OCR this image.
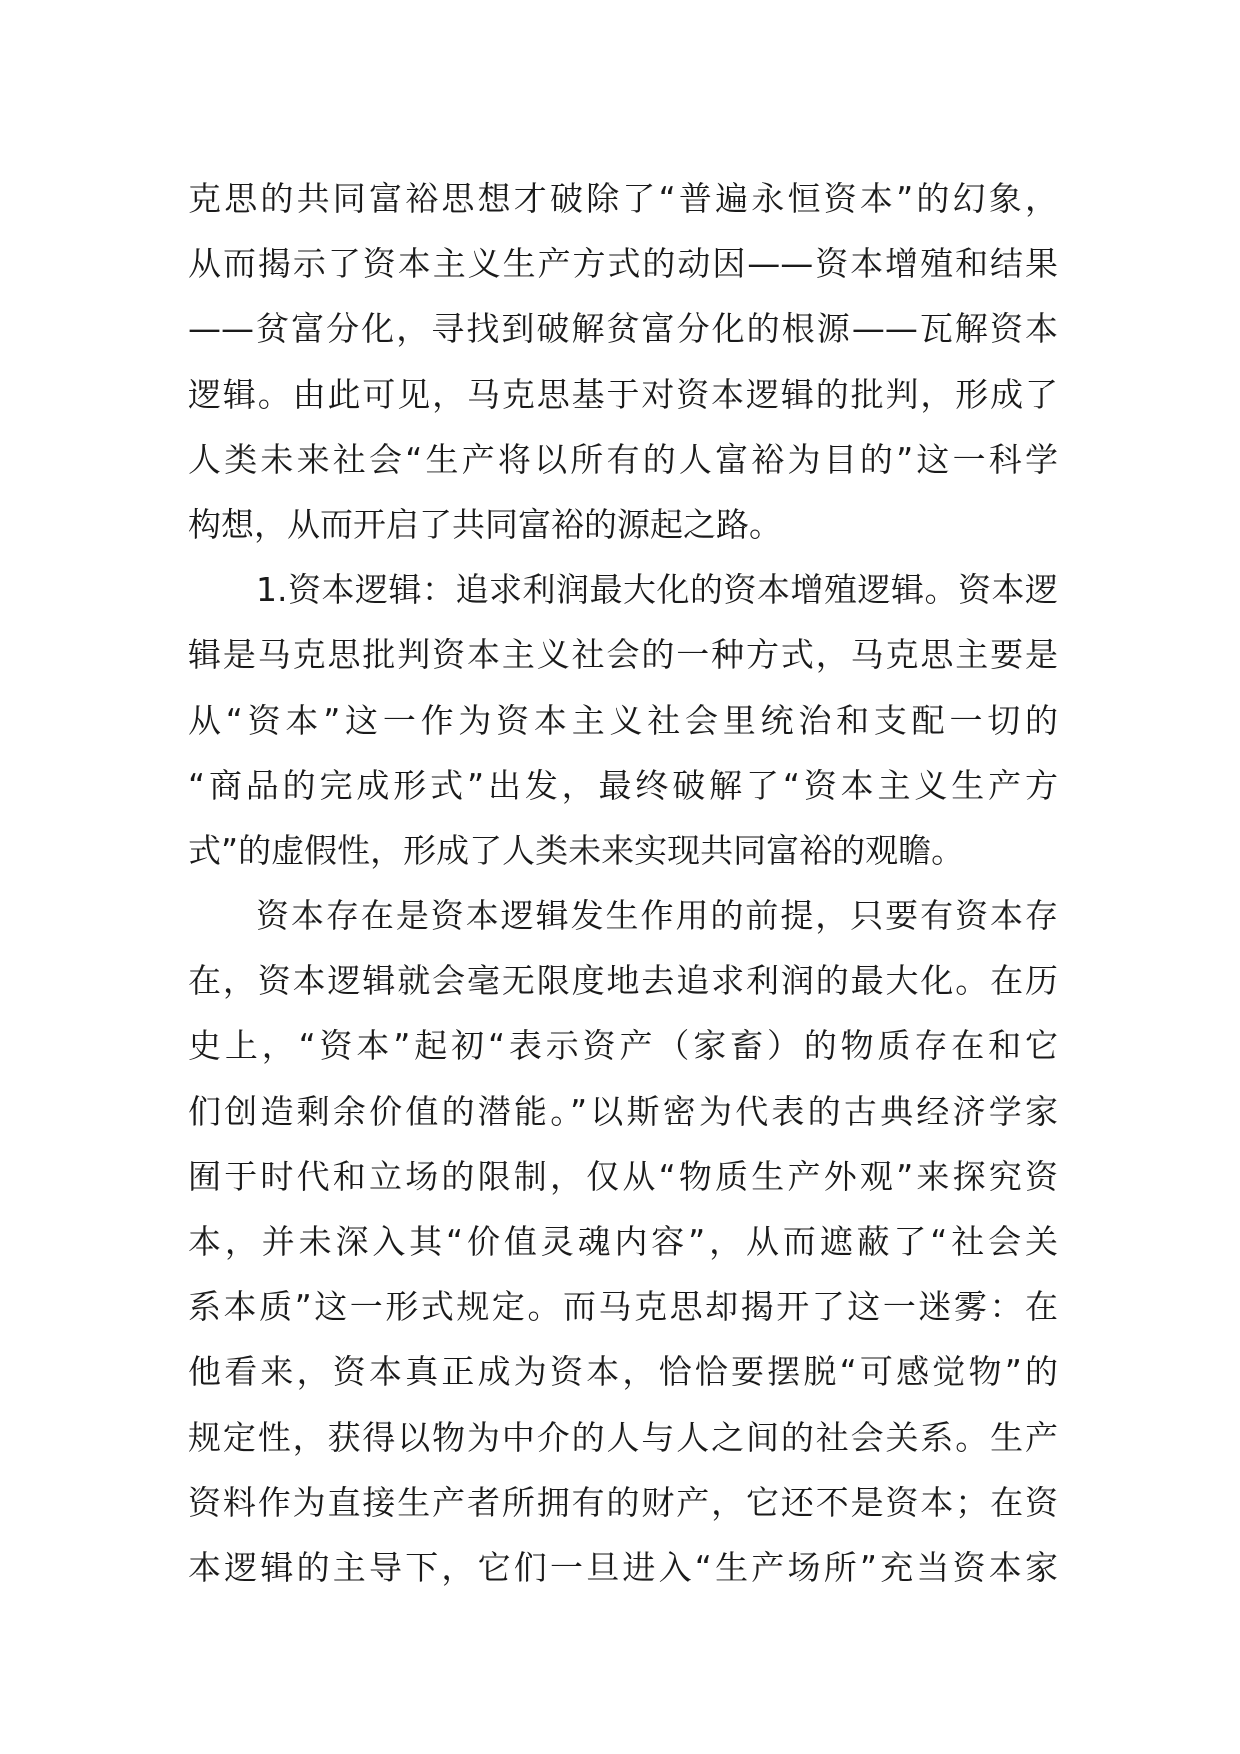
克思的共同富裕思想才破除了“普遍永恒资本”的幻象，
从而揭示了资本主义生产方式的动因——资本增殖和结果
——贫富分化，寻找到破解贫富分化的根源——瓦解资本
逻辑。由此可见，马克思基于对资本逻辑的批判，形成了
人类未来社会“生产将以所有的人富裕为目的”这一科学
构想，从而开启了共同富裕的源起之路。
1.资本逻辑：追求利润最大化的资本增殖逻辑。资本逻
辑是马克思批判资本主义社会的一种方式，马克思主要是
从“资本”这一作为资本主义社会里统治和支配一切的
“商品的完成形式”出发，最终破解了“资本主义生产方
式”的虚假性，形成了人类未来实现共同富裕的观瞻。
资本存在是资本逻辑发生作用的前提，只要有资本存
在，资本逻辑就会毫无限度地去追求利润的最大化。在历
史上，“资本”起初“表示资产（家畜）的物质存在和它
们创造剩余价值的潜能。”以斯密为代表的古典经济学家
囿于时代和立场的限制，仅从“物质生产外观”来探究资
本，并未深入其“价值灵魂内容”，从而遮蔽了“社会关
系本质”这一形式规定。而马克思却揭开了这一迷雾：在
他看来，资本真正成为资本，恰恰要摆脱“可感觉物”的
规定性，获得以物为中介的人与人之间的社会关系。生产
资料作为直接生产者所拥有的财产，它还不是资本；在资
本逻辑的主导下，它们一旦进入“生产场所”充当资本家
